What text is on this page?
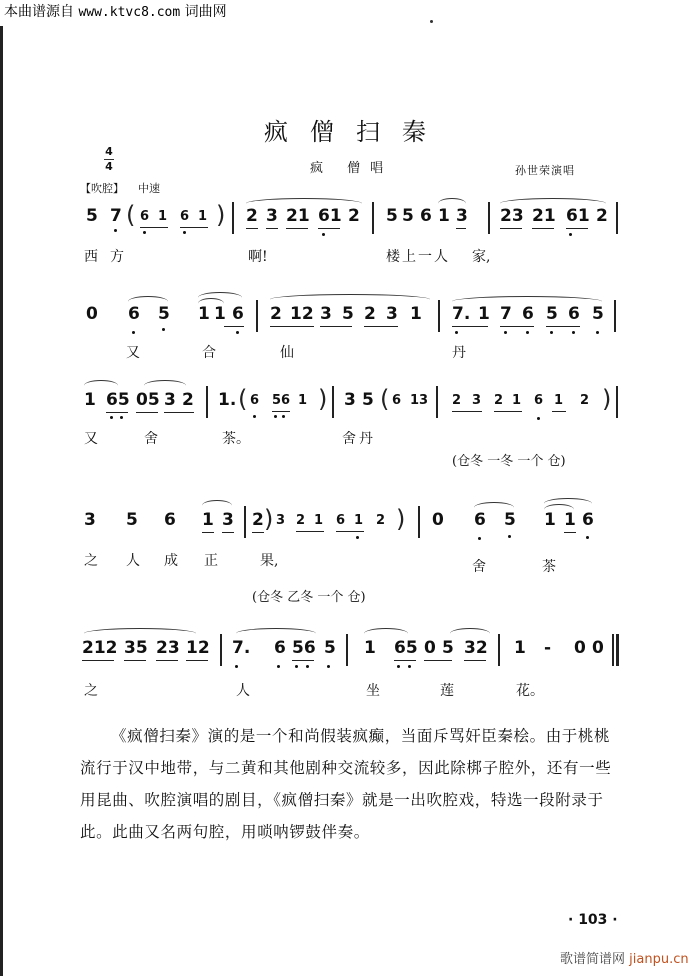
本曲谱源自 www.ktvc8.com 词曲网
疯僧扫秦
4
4	疯 僧唱	孙世荣演唱
【吹腔】 中速
5 7 ( 6 1 6 1 ) 2 3 21 61 2 5 5 6 1 3 23 21 61 2
西 方	啊!	楼上一人 家,
0 6 5 1 1 6 2 12 3 5 2 3 1 7. 1 7 6 5 6 5
又	合	仙	丹
1 65 05 3 2 1. ( 6 56 1 ) 3 5 ( 6 13 2 3 2 1 6 1 2 )
又	舍	茶。	舍丹
(仓冬 一冬 一个 仓)
3 5 6 1 3 2 ) 3 2 1 6 1 2 ) 0 6 5 1 1 6
之 人 成 正	果,	舍	茶
(仓冬 乙冬 一个 仓)
212 35 23 12 7. 6 56 5 1 65 0 5 32 1 - 0 0
之	人	坐	莲	花。
《疯僧扫秦》演的是一个和尚假装疯癫，当面斥骂奸臣秦桧。由于桃桃流行于汉中地带，与二黄和其他剧种交流较多，因此除梆子腔外，还有一些用昆曲、吹腔演唱的剧目，《疯僧扫秦》就是一出吹腔戏，特选一段附录于此。此曲又名两句腔，用唢呐锣鼓伴奏。
· 103 ·
歌谱简谱网 jianpu.cn
